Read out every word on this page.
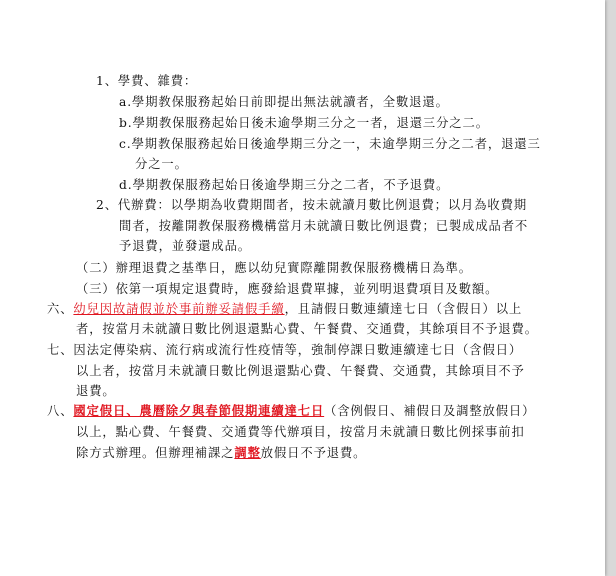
1、學費、雜費：
a.學期教保服務起始日前即提出無法就讀者，全數退還。
b.學期教保服務起始日後未逾學期三分之一者，退還三分之二。
c.學期教保服務起始日後逾學期三分之一，未逾學期三分之二者，退還三
分之一。
d.學期教保服務起始日後逾學期三分之二者，不予退費。
2、代辦費：以學期為收費期間者，按未就讀月數比例退費；以月為收費期
間者，按離開教保服務機構當月未就讀日數比例退費；已製成成品者不
予退費，並發還成品。
（二）辦理退費之基準日，應以幼兒實際離開教保服務機構日為準。
（三）依第一項規定退費時，應發給退費單據，並列明退費項目及數額。
六、幼兒因故請假並於事前辦妥請假手續，且請假日數連續達七日（含假日）以上
者，按當月未就讀日數比例退還點心費、午餐費、交通費，其餘項目不予退費。
七、因法定傳染病、流行病或流行性疫情等，強制停課日數連續達七日（含假日）
以上者，按當月未就讀日數比例退還點心費、午餐費、交通費，其餘項目不予
退費。
八、國定假日、農曆除夕與春節假期連續達七日（含例假日、補假日及調整放假日）
以上，點心費、午餐費、交通費等代辦項目，按當月未就讀日數比例採事前扣
除方式辦理。但辦理補課之調整放假日不予退費。
